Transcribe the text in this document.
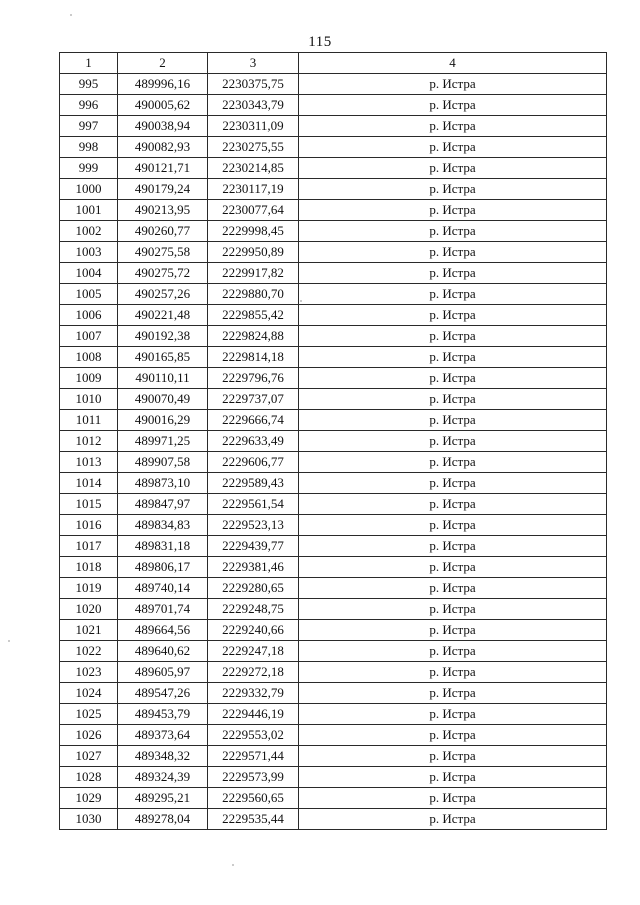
115
1	2	3	4
995	489996,16	2230375,75	р. Истра
996	490005,62	2230343,79	р. Истра
997	490038,94	2230311,09	р. Истра
998	490082,93	2230275,55	р. Истра
999	490121,71	2230214,85	р. Истра
1000	490179,24	2230117,19	р. Истра
1001	490213,95	2230077,64	р. Истра
1002	490260,77	2229998,45	р. Истра
1003	490275,58	2229950,89	р. Истра
1004	490275,72	2229917,82	р. Истра
1005	490257,26	2229880,70	р. Истра
1006	490221,48	2229855,42	р. Истра
1007	490192,38	2229824,88	р. Истра
1008	490165,85	2229814,18	р. Истра
1009	490110,11	2229796,76	р. Истра
1010	490070,49	2229737,07	р. Истра
1011	490016,29	2229666,74	р. Истра
1012	489971,25	2229633,49	р. Истра
1013	489907,58	2229606,77	р. Истра
1014	489873,10	2229589,43	р. Истра
1015	489847,97	2229561,54	р. Истра
1016	489834,83	2229523,13	р. Истра
1017	489831,18	2229439,77	р. Истра
1018	489806,17	2229381,46	р. Истра
1019	489740,14	2229280,65	р. Истра
1020	489701,74	2229248,75	р. Истра
1021	489664,56	2229240,66	р. Истра
1022	489640,62	2229247,18	р. Истра
1023	489605,97	2229272,18	р. Истра
1024	489547,26	2229332,79	р. Истра
1025	489453,79	2229446,19	р. Истра
1026	489373,64	2229553,02	р. Истра
1027	489348,32	2229571,44	р. Истра
1028	489324,39	2229573,99	р. Истра
1029	489295,21	2229560,65	р. Истра
1030	489278,04	2229535,44	р. Истра
